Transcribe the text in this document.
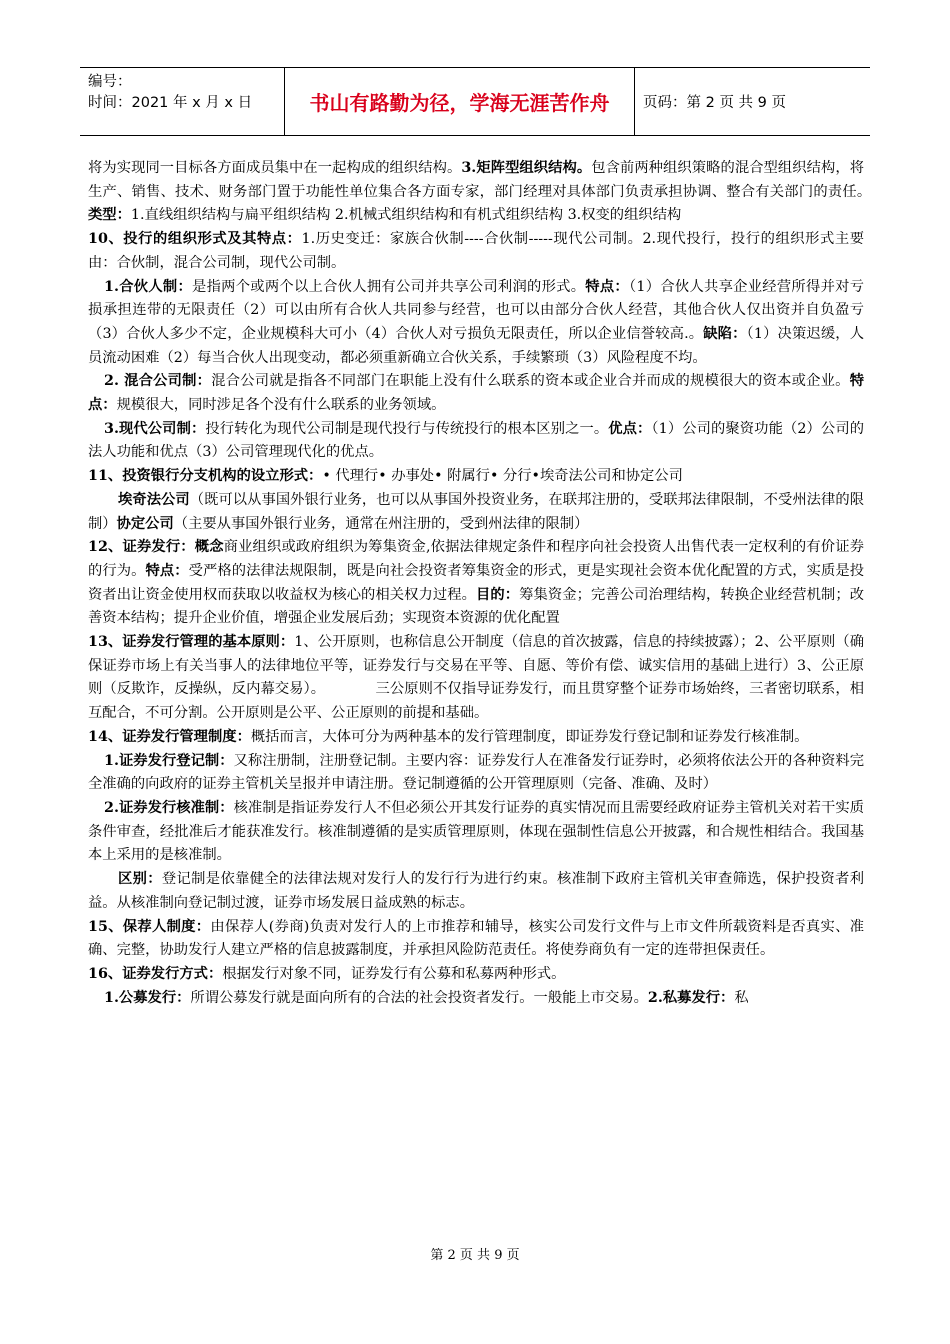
编号：
时间：2021 年 x 月 x 日	书山有路勤为径，学海无涯苦作舟	页码：第 2 页 共 9 页

将为实现同一目标各方面成员集中在一起构成的组织结构。3.矩阵型组织结构。包含前两种组织策略的混合型组织结构，将生产、销售、技术、财务部门置于功能性单位集合各方面专家，部门经理对具体部门负责承担协调、整合有关部门的责任。　类型：1.直线组织结构与扁平组织结构 2.机械式组织结构和有机式组织结构 3.权变的组织结构

10、投行的组织形式及其特点：1.历史变迁：家族合伙制----合伙制-----现代公司制。2.现代投行，投行的组织形式主要由：合伙制，混合公司制，现代公司制。

1.合伙人制：是指两个或两个以上合伙人拥有公司并共享公司利润的形式。特点：（1）合伙人共享企业经营所得并对亏损承担连带的无限责任（2）可以由所有合伙人共同参与经营，也可以由部分合伙人经营，其他合伙人仅出资并自负盈亏（3）合伙人多少不定，企业规模科大可小（4）合伙人对亏损负无限责任，所以企业信誉较高.。缺陷：（1）决策迟缓，人员流动困难（2）每当合伙人出现变动，都必须重新确立合伙关系，手续繁琐（3）风险程度不均。

2. 混合公司制：混合公司就是指各不同部门在职能上没有什么联系的资本或企业合并而成的规模很大的资本或企业。特点：规模很大，同时涉足各个没有什么联系的业务领域。

3.现代公司制：投行转化为现代公司制是现代投行与传统投行的根本区别之一。优点：（1）公司的聚资功能（2）公司的法人功能和优点（3）公司管理现代化的优点。

11、投资银行分支机构的设立形式：• 代理行• 办事处• 附属行• 分行•埃奇法公司和协定公司

埃奇法公司（既可以从事国外银行业务，也可以从事国外投资业务，在联邦注册的，受联邦法律限制，不受州法律的限制）协定公司（主要从事国外银行业务，通常在州注册的，受到州法律的限制）

12、证券发行：概念商业组织或政府组织为筹集资金,依据法律规定条件和程序向社会投资人出售代表一定权利的有价证券的行为。特点：受严格的法律法规限制，既是向社会投资者筹集资金的形式，更是实现社会资本优化配置的方式，实质是投资者出让资金使用权而获取以收益权为核心的相关权力过程。目的：筹集资金；完善公司治理结构，转换企业经营机制；改善资本结构；提升企业价值，增强企业发展后劲；实现资本资源的优化配置

13、证券发行管理的基本原则：1、公开原则，也称信息公开制度（信息的首次披露，信息的持续披露）；2、公平原则（确保证券市场上有关当事人的法律地位平等，证券发行与交易在平等、自愿、等价有偿、诚实信用的基础上进行）3、公正原则（反欺诈，反操纵，反内幕交易）。　　　　三公原则不仅指导证券发行，而且贯穿整个证券市场始终，三者密切联系，相互配合，不可分割。公开原则是公平、公正原则的前提和基础。

14、证券发行管理制度：概括而言，大体可分为两种基本的发行管理制度，即证券发行登记制和证券发行核准制。

1.证券发行登记制：又称注册制，注册登记制。主要内容：证券发行人在准备发行证券时，必须将依法公开的各种资料完全准确的向政府的证券主管机关呈报并申请注册。登记制遵循的公开管理原则（完备、准确、及时）

2.证券发行核准制：核准制是指证券发行人不但必须公开其发行证券的真实情况而且需要经政府证券主管机关对若干实质条件审查，经批准后才能获准发行。核准制遵循的是实质管理原则，体现在强制性信息公开披露，和合规性相结合。我国基本上采用的是核准制。

区别：登记制是依靠健全的法律法规对发行人的发行行为进行约束。核准制下政府主管机关审查筛选，保护投资者利益。从核准制向登记制过渡，证券市场发展日益成熟的标志。

15、保荐人制度：由保荐人(券商)负责对发行人的上市推荐和辅导，核实公司发行文件与上市文件所载资料是否真实、准确、完整，协助发行人建立严格的信息披露制度，并承担风险防范责任。将使券商负有一定的连带担保责任。

16、证券发行方式：根据发行对象不同，证券发行有公募和私募两种形式。

1.公募发行：所谓公募发行就是面向所有的合法的社会投资者发行。一般能上市交易。2.私募发行：私

第 2 页 共 9 页
